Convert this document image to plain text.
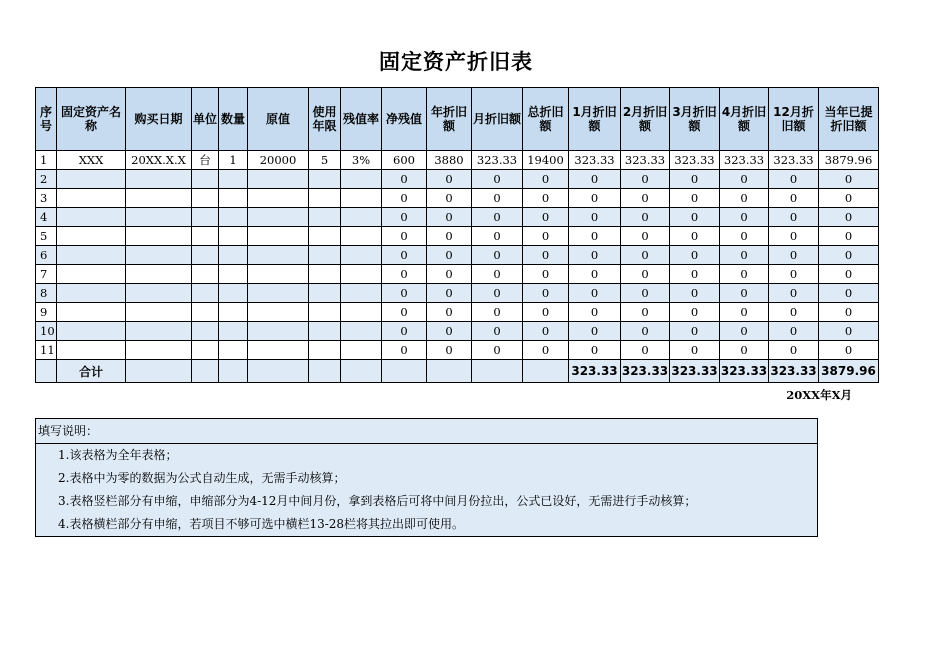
固定资产折旧表
序号	固定资产名称	购买日期	单位	数量	原值	使用年限	残值率	净残值	年折旧额	月折旧额	总折旧额	1月折旧额	2月折旧额	3月折旧额	4月折旧额	12月折旧额	当年已提折旧额
1	XXX	20XX.X.X	台	1	20000	5	3%	600	3880	323.33	19400	323.33	323.33	323.33	323.33	323.33	3879.96
2								0	0	0	0	0	0	0	0	0	0
3								0	0	0	0	0	0	0	0	0	0
4								0	0	0	0	0	0	0	0	0	0
5								0	0	0	0	0	0	0	0	0	0
6								0	0	0	0	0	0	0	0	0	0
7								0	0	0	0	0	0	0	0	0	0
8								0	0	0	0	0	0	0	0	0	0
9								0	0	0	0	0	0	0	0	0	0
10								0	0	0	0	0	0	0	0	0	0
11								0	0	0	0	0	0	0	0	0	0
	合计											323.33	323.33	323.33	323.33	323.33	3879.96
20XX年X月
填写说明：
1.该表格为全年表格；
2.表格中为零的数据为公式自动生成，无需手动核算；
3.表格竖栏部分有申缩，申缩部分为4-12月中间月份，拿到表格后可将中间月份拉出，公式已设好，无需进行手动核算；
4.表格横栏部分有申缩，若项目不够可选中横栏13-28栏将其拉出即可使用。
